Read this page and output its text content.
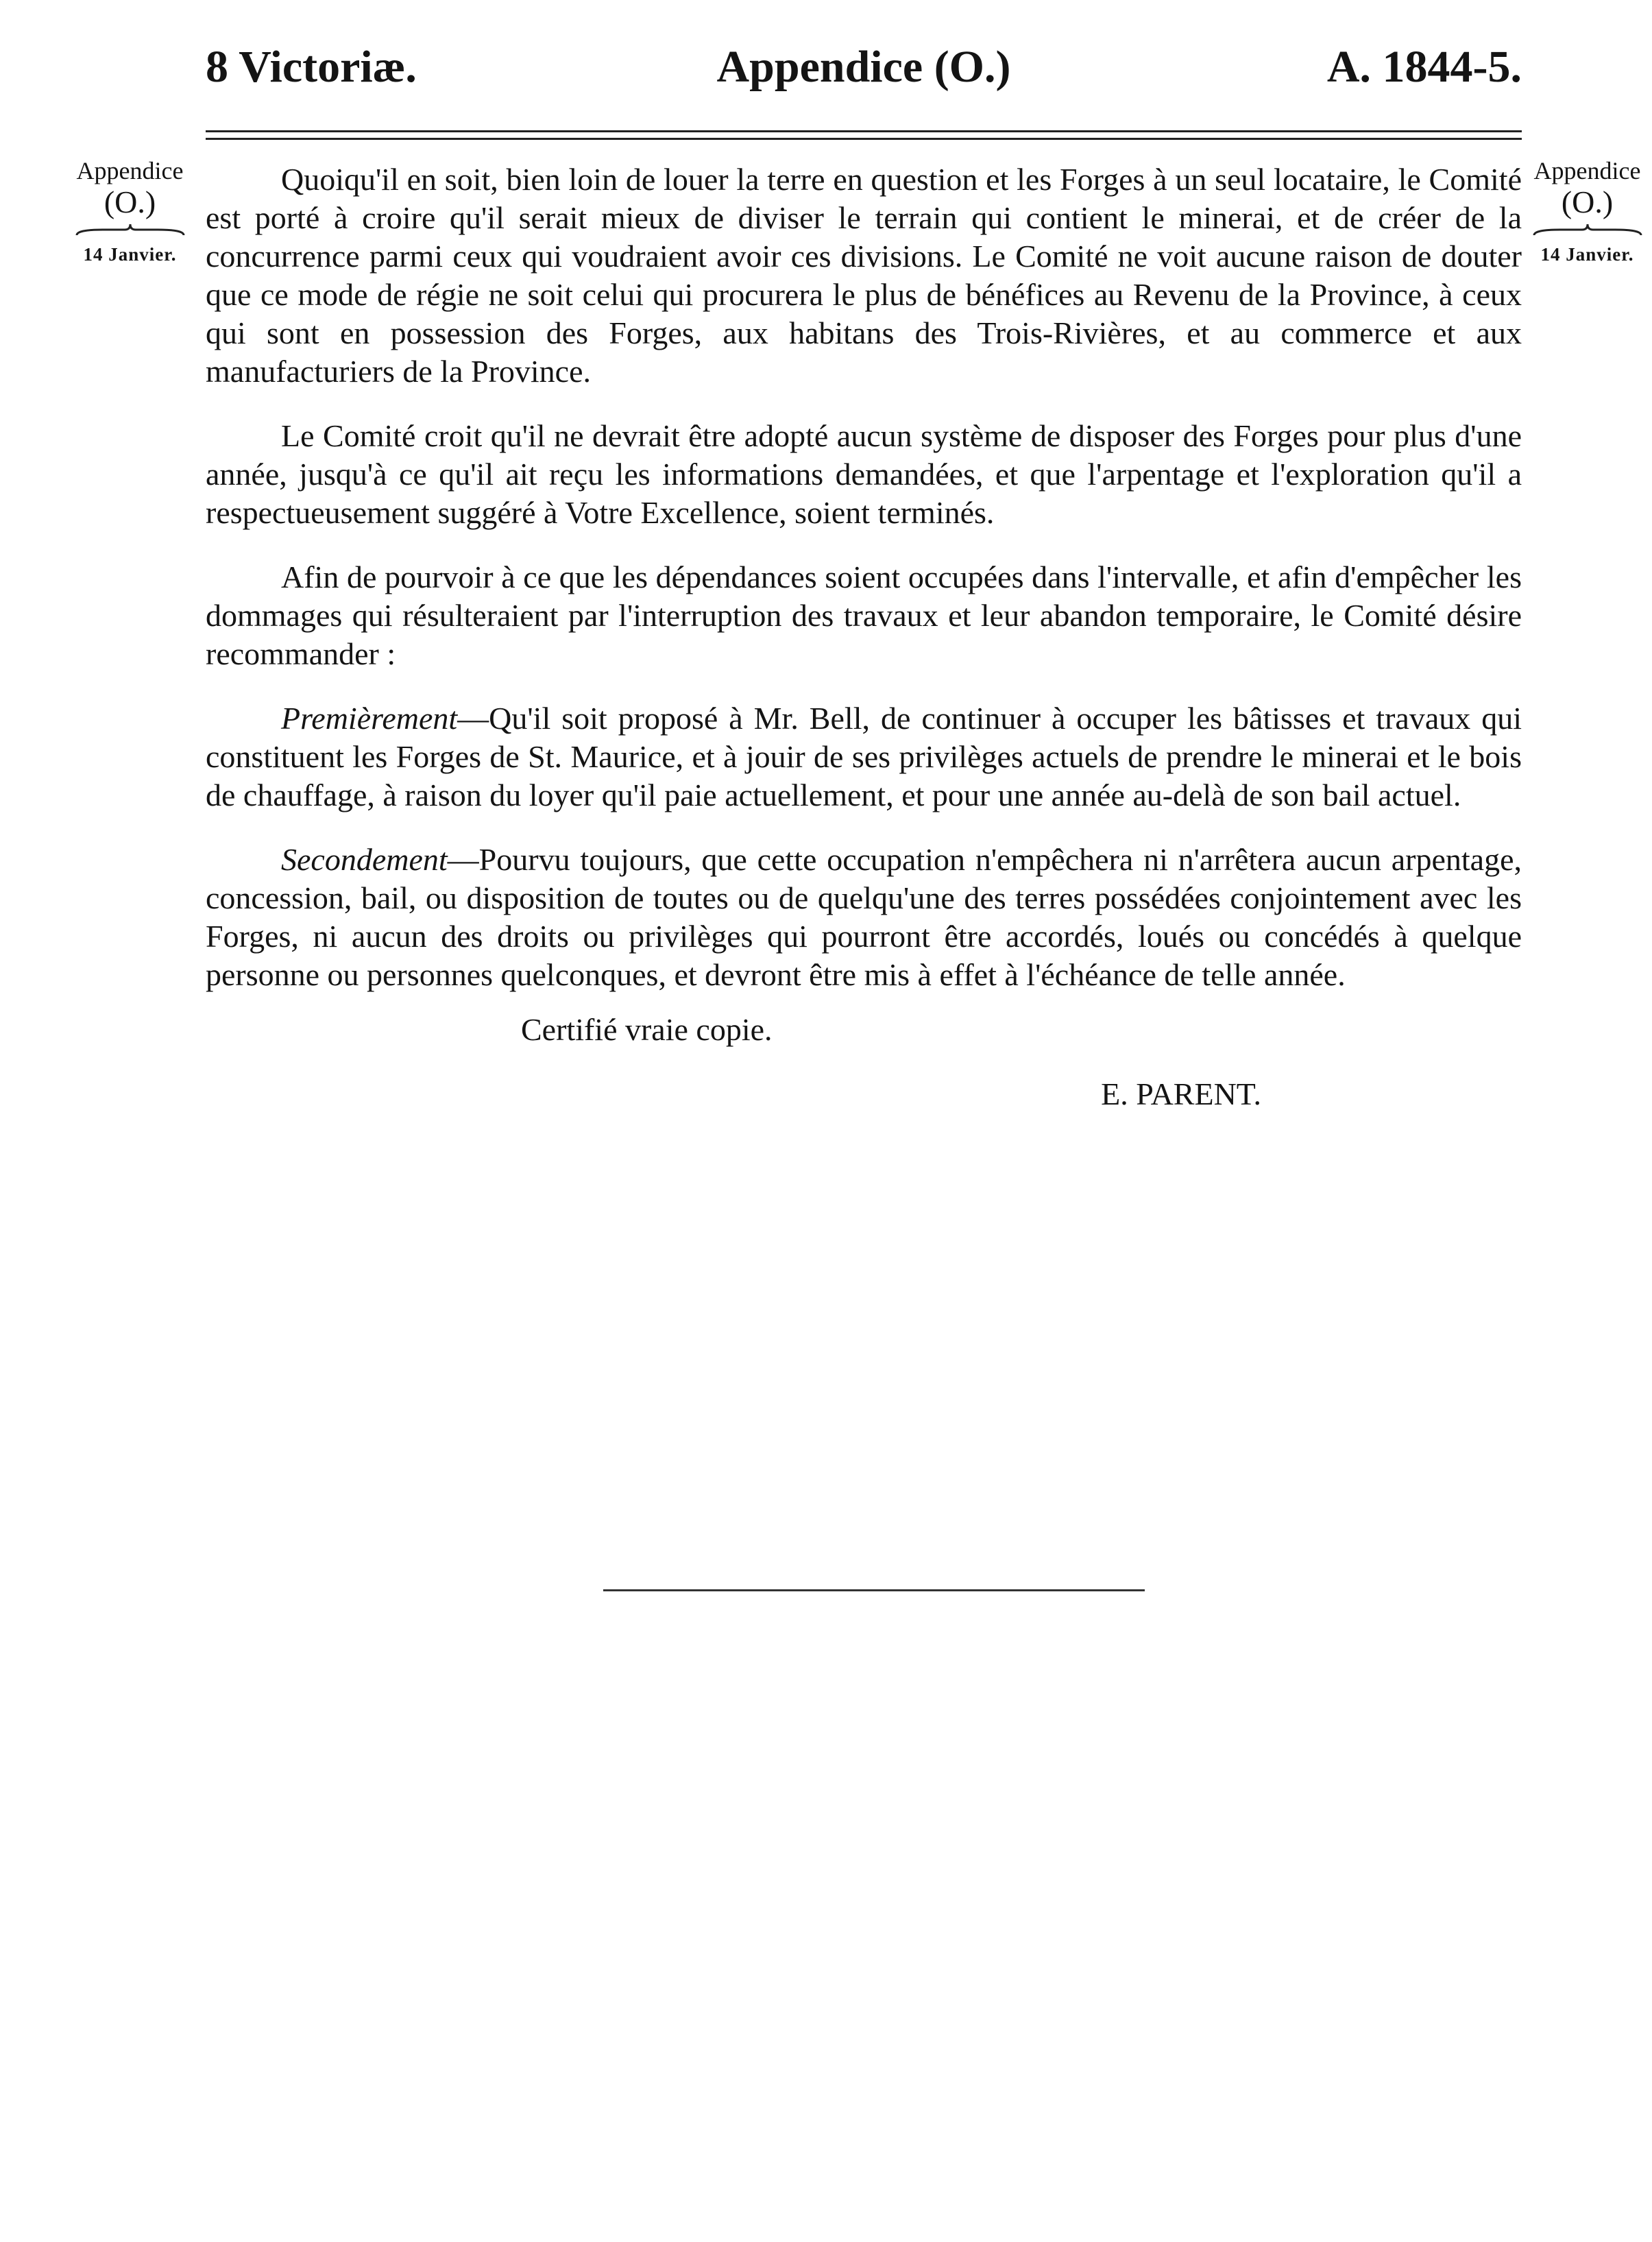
8 Victoriæ.	Appendice (O.)	A. 1844-5.
Appendice
(O.)
14 Janvier.
Appendice
(O.)
14 Janvier.

Quoiqu'il en soit, bien loin de louer la terre en question et les Forges à un seul locataire, le Comité est porté à croire qu'il serait mieux de diviser le terrain qui contient le minerai, et de créer de la concurrence parmi ceux qui voudraient avoir ces divisions. Le Comité ne voit aucune raison de douter que ce mode de régie ne soit celui qui procurera le plus de bénéfices au Revenu de la Province, à ceux qui sont en possession des Forges, aux habitans des Trois-Rivières, et au commerce et aux manufacturiers de la Province.

Le Comité croit qu'il ne devrait être adopté aucun système de disposer des Forges pour plus d'une année, jusqu'à ce qu'il ait reçu les informations demandées, et que l'arpentage et l'exploration qu'il a respectueusement suggéré à Votre Excellence, soient terminés.

Afin de pourvoir à ce que les dépendances soient occupées dans l'intervalle, et afin d'empêcher les dommages qui résulteraient par l'interruption des travaux et leur abandon temporaire, le Comité désire recommander :

Premièrement—Qu'il soit proposé à Mr. Bell, de continuer à occuper les bâtisses et travaux qui constituent les Forges de St. Maurice, et à jouir de ses privilèges actuels de prendre le minerai et le bois de chauffage, à raison du loyer qu'il paie actuellement, et pour une année au-delà de son bail actuel.

Secondement—Pourvu toujours, que cette occupation n'empêchera ni n'arrêtera aucun arpentage, concession, bail, ou disposition de toutes ou de quelqu'une des terres possédées conjointement avec les Forges, ni aucun des droits ou privilèges qui pourront être accordés, loués ou concédés à quelque personne ou personnes quelconques, et devront être mis à effet à l'échéance de telle année.

Certifié vraie copie.

E. PARENT.
